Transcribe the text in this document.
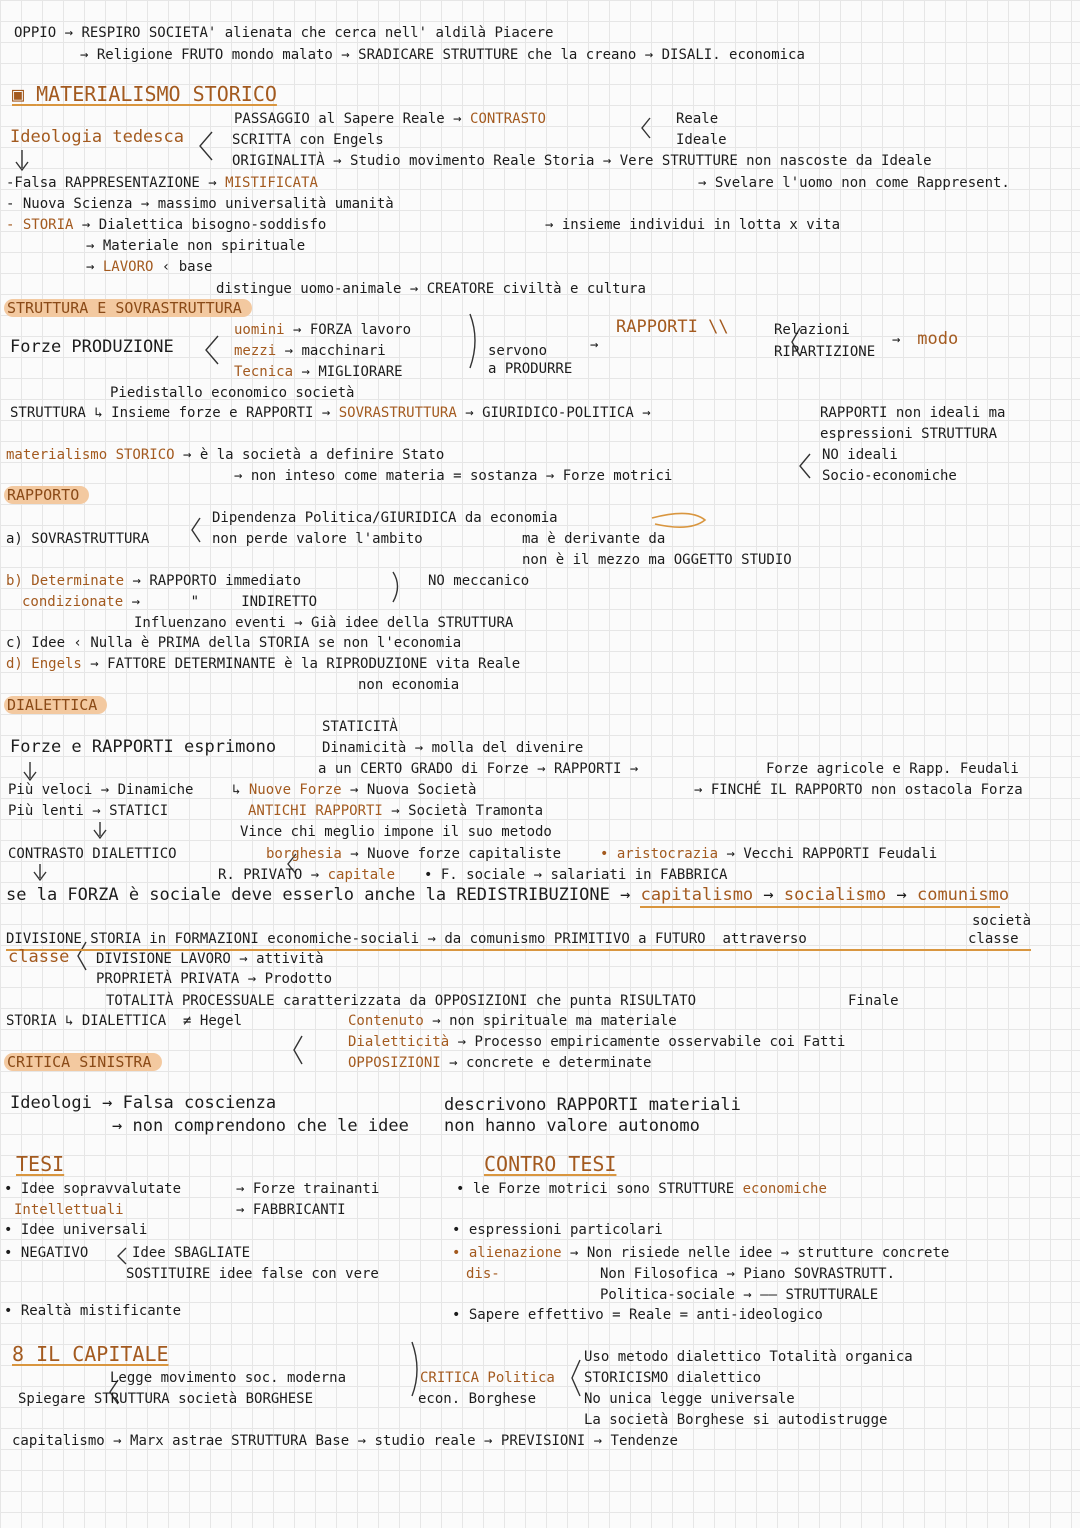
OPPIO → RESPIRO SOCIETA' alienata che cerca nell' aldilà Piacere
→ Religione FRUTO mondo malato → SRADICARE STRUTTURE che la creano → DISALI. economica
▣ MATERIALISMO STORICO
PASSAGGIO al Sapere Reale → CONTRASTO	Reale
Ideale
Ideologia tedesca	SCRITTA con Engels
ORIGINALITÀ → Studio movimento Reale Storia → Vere STRUTTURE non nascoste da Ideale
→ Svelare l'uomo non come Rappresent.
-Falsa RAPPRESENTAZIONE → MISTIFICATA
- Nuova Scienza → massimo universalità umanità
- STORIA → Dialettica bisogno-soddisfo	→ insieme individui in lotta x vita
→ Materiale non spirituale
→ LAVORO ‹ base
distingue uomo-animale → CREATORE civiltà e cultura
STRUTTURA E SOVRASTRUTTURA
Forze PRODUZIONE
uomini → FORZA lavoro
mezzi → macchinari
Tecnica → MIGLIORARE
servono
a PRODURRE
→
RAPPORTI \\	Relazioni
RIPARTIZIONE
→  modo
Piedistallo economico società
STRUTTURA ↳ Insieme forze e RAPPORTI → SOVRASTRUTTURA → GIURIDICO-POLITICA →	RAPPORTI non ideali ma
espressioni STRUTTURA
materialismo STORICO → è la società a definire Stato
→ non inteso come materia = sostanza → Forze motrici
NO ideali
Socio-economiche
RAPPORTO
Dipendenza Politica/GIURIDICA da economia
a) SOVRASTRUTTURA	non perde valore l'ambito	ma è derivante da
non è il mezzo ma OGGETTO STUDIO
b) Determinate → RAPPORTO immediato	NO meccanico
condizionate →      "	INDIRETTO
Influenzano eventi → Già idee della STRUTTURA
c) Idee ‹ Nulla è PRIMA della STORIA se non l'economia
d) Engels → FATTORE DETERMINANTE è la RIPRODUZIONE vita Reale
non economia
DIALETTICA
STATICITÀ
Forze e RAPPORTI esprimono	Dinamicità → molla del divenire
a un CERTO GRADO di Forze → RAPPORTI →	Forze agricole e Rapp. Feudali
→ FINCHÉ IL RAPPORTO non ostacola Forza
Più veloci → Dinamiche
Più lenti → STATICI
↳ Nuove Forze → Nuova Società
ANTICHI RAPPORTI → Società Tramonta
Vince chi meglio impone il suo metodo
CONTRASTO DIALETTICO	borghesia → Nuove forze capitaliste	• aristocrazia → Vecchi RAPPORTI Feudali
R. PRIVATO → capitale • F. sociale → salariati in FABBRICA
se la FORZA è sociale deve esserlo anche la REDISTRIBUZIONE → capitalismo → socialismo → comunismo
società
DIVISIONE STORIA in FORMAZIONI economiche-sociali → da comunismo PRIMITIVO a FUTURO attraverso	classe
classe DIVISIONE LAVORO → attività
PROPRIETÀ PRIVATA → Prodotto
TOTALITÀ PROCESSUALE caratterizzata da OPPOSIZIONI che punta RISULTATO	Finale
STORIA ↳ DIALETTICA ≠ Hegel	Contenuto → non spirituale ma materiale
Dialetticità → Processo empiricamente osservabile coi Fatti
OPPOSIZIONI → concrete e determinate
CRITICA SINISTRA
Ideologi → Falsa coscienza
→ non comprendono che le idee
descrivono RAPPORTI materiali
non hanno valore autonomo
TESI	CONTRO TESI
• Idee sopravvalutate	→ Forze trainanti
→ FABBRICANTI
Intellettuali
• Idee universali
• NEGATIVO	Idee SBAGLIATE
SOSTITUIRE idee false con vere
• Realtà mistificante
• le Forze motrici sono STRUTTURE economiche
• espressioni particolari
• alienazione → Non risiede nelle idee → strutture concrete
dis-	Non Filosofica → Piano SOVRASTRUTT.
Politica-sociale → —— STRUTTURALE
• Sapere effettivo = Reale = anti-ideologico
8 IL CAPITALE
Legge movimento soc. moderna
Spiegare STRUTTURA società BORGHESE
CRITICA Politica
econ. Borghese
Uso metodo dialettico Totalità organica
STORICISMO dialettico
No unica legge universale
La società Borghese si autodistrugge
capitalismo → Marx astrae STRUTTURA Base → studio reale → PREVISIONI → Tendenze
